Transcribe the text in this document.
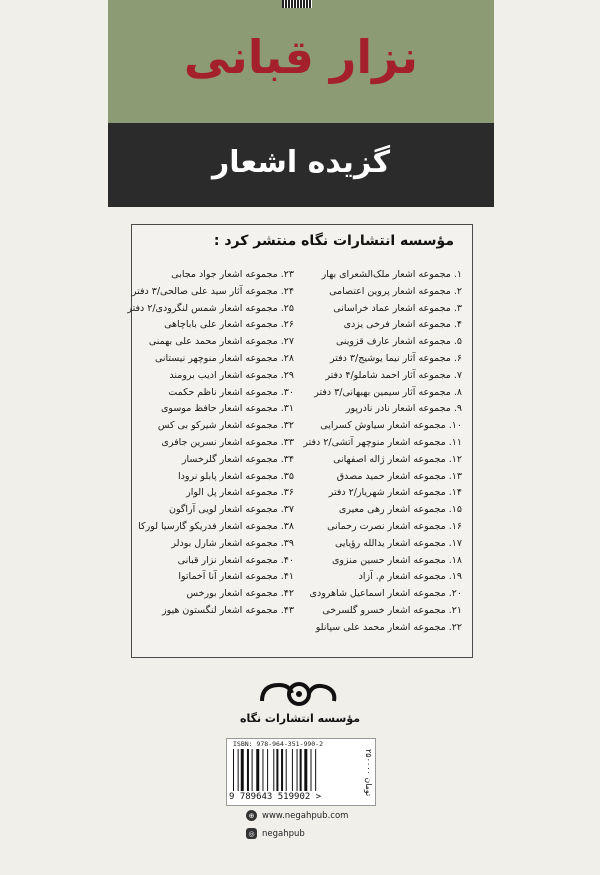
نزار قبانی
گزیده اشعار
مؤسسه انتشارات نگاه منتشر کرد :
۱. مجموعه اشعار ملک‌الشعرای بهار
۲. مجموعه اشعار پروین اعتصامی
۳. مجموعه اشعار عماد خراسانی
۴. مجموعه اشعار فرخی یزدی
۵. مجموعه اشعار عارف قزوینی
۶. مجموعه آثار نیما یوشیج/۳ دفتر
۷. مجموعه آثار احمد شاملو/۴ دفتر
۸. مجموعه آثار سیمین بهبهانی/۳ دفتر
۹. مجموعه اشعار نادر نادرپور
۱۰. مجموعه اشعار سیاوش کسرایی
۱۱. مجموعه اشعار منوچهر آتشی/۲ دفتر
۱۲. مجموعه اشعار ژاله اصفهانی
۱۳. مجموعه اشعار حمید مصدق
۱۴. مجموعه اشعار شهریار/۲ دفتر
۱۵. مجموعه اشعار رهی معیری
۱۶. مجموعه اشعار نصرت رحمانی
۱۷. مجموعه اشعار یدالله رؤیایی
۱۸. مجموعه اشعار حسین منزوی
۱۹. مجموعه اشعار م. آزاد
۲۰. مجموعه اشعار اسماعیل شاهرودی
۲۱. مجموعه اشعار خسرو گلسرخی
۲۲. مجموعه اشعار محمد علی سپانلو
۲۳. مجموعه اشعار جواد مجابی
۲۴. مجموعه آثار سید علی صالحی/۳ دفتر
۲۵. مجموعه اشعار شمس لنگرودی/۲ دفتر
۲۶. مجموعه اشعار علی باباچاهی
۲۷. مجموعه اشعار محمد علی بهمنی
۲۸. مجموعه اشعار منوچهر نیستانی
۲۹. مجموعه اشعار ادیب برومند
۳۰. مجموعه اشعار ناظم حکمت
۳۱. مجموعه اشعار حافظ موسوی
۳۲. مجموعه اشعار شیرکو بی کس
۳۳. مجموعه اشعار نسرین جافری
۳۴. مجموعه اشعار گلرخسار
۳۵. مجموعه اشعار پابلو نرودا
۳۶. مجموعه اشعار پل الوار
۳۷. مجموعه اشعار لویی آراگون
۳۸. مجموعه اشعار فدریکو گارسیا لورکا
۳۹. مجموعه اشعار شارل بودلر
۴۰. مجموعه اشعار نزار قبانی
۴۱. مجموعه اشعار آنا آخماتوا
۴۲. مجموعه اشعار بورخس
۴۳. مجموعه اشعار لنگستون هیوز
مؤسسه انتشارات نگاه
ISBN: 978-964-351-990-2
9 789643 519902 >
۲۵۰۰۰۰ تومان
⊕ www.negahpub.com
◎ negahpub
